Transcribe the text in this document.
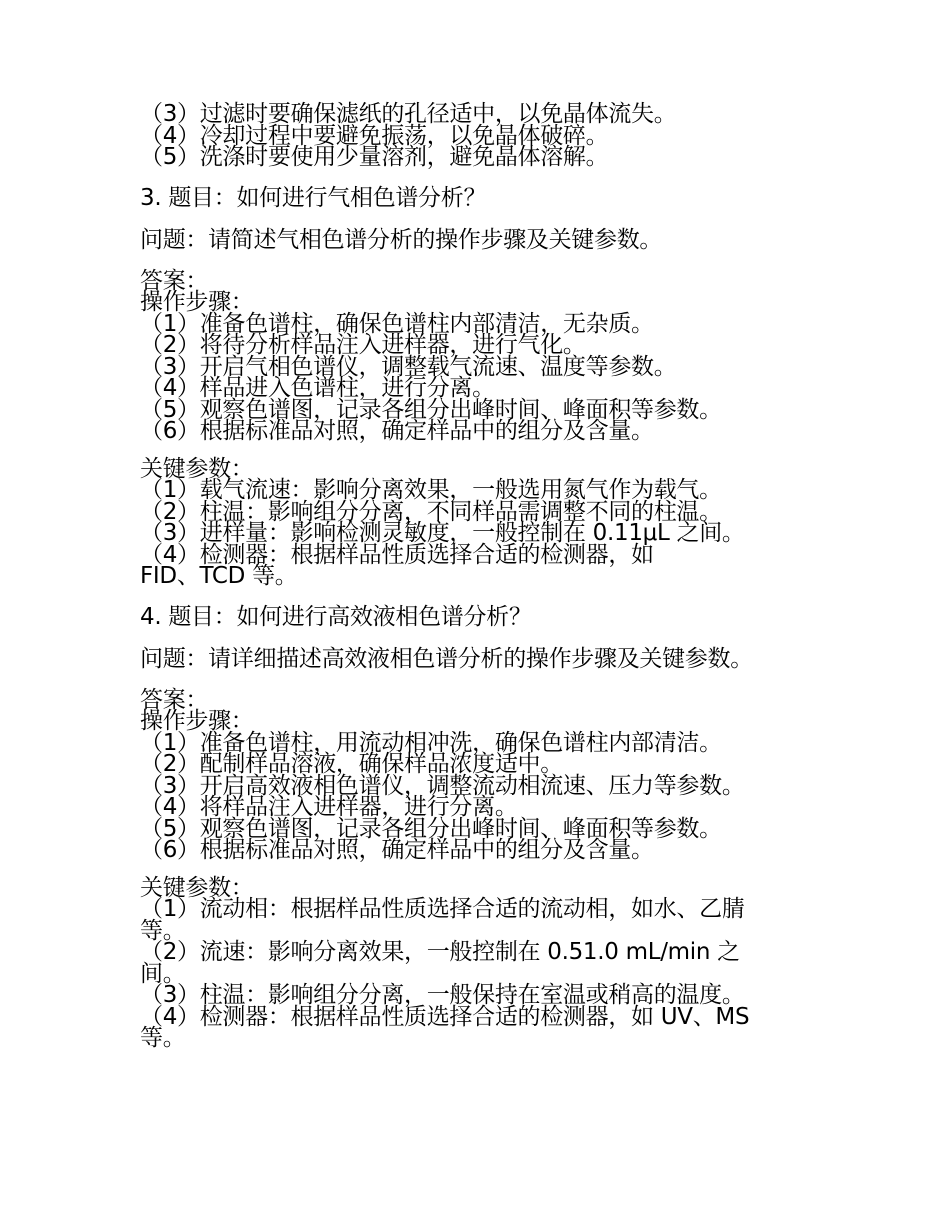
（3）过滤时要确保滤纸的孔径适中，以免晶体流失。
（4）冷却过程中要避免振荡，以免晶体破碎。
（5）洗涤时要使用少量溶剂，避免晶体溶解。
3. 题目：如何进行气相色谱分析？
问题：请简述气相色谱分析的操作步骤及关键参数。
答案：
操作步骤：
（1）准备色谱柱，确保色谱柱内部清洁，无杂质。
（2）将待分析样品注入进样器，进行气化。
（3）开启气相色谱仪，调整载气流速、温度等参数。
（4）样品进入色谱柱，进行分离。
（5）观察色谱图，记录各组分出峰时间、峰面积等参数。
（6）根据标准品对照，确定样品中的组分及含量。
关键参数：
（1）载气流速：影响分离效果，一般选用氮气作为载气。
（2）柱温：影响组分分离，不同样品需调整不同的柱温。
（3）进样量：影响检测灵敏度，一般控制在 0.11μL 之间。
（4）检测器：根据样品性质选择合适的检测器，如
FID、TCD 等。
4. 题目：如何进行高效液相色谱分析？
问题：请详细描述高效液相色谱分析的操作步骤及关键参数。
答案：
操作步骤：
（1）准备色谱柱，用流动相冲洗，确保色谱柱内部清洁。
（2）配制样品溶液，确保样品浓度适中。
（3）开启高效液相色谱仪，调整流动相流速、压力等参数。
（4）将样品注入进样器，进行分离。
（5）观察色谱图，记录各组分出峰时间、峰面积等参数。
（6）根据标准品对照，确定样品中的组分及含量。
关键参数：
（1）流动相：根据样品性质选择合适的流动相，如水、乙腈
等。
（2）流速：影响分离效果，一般控制在 0.51.0 mL/min 之
间。
（3）柱温：影响组分分离，一般保持在室温或稍高的温度。
（4）检测器：根据样品性质选择合适的检测器，如 UV、MS
等。
